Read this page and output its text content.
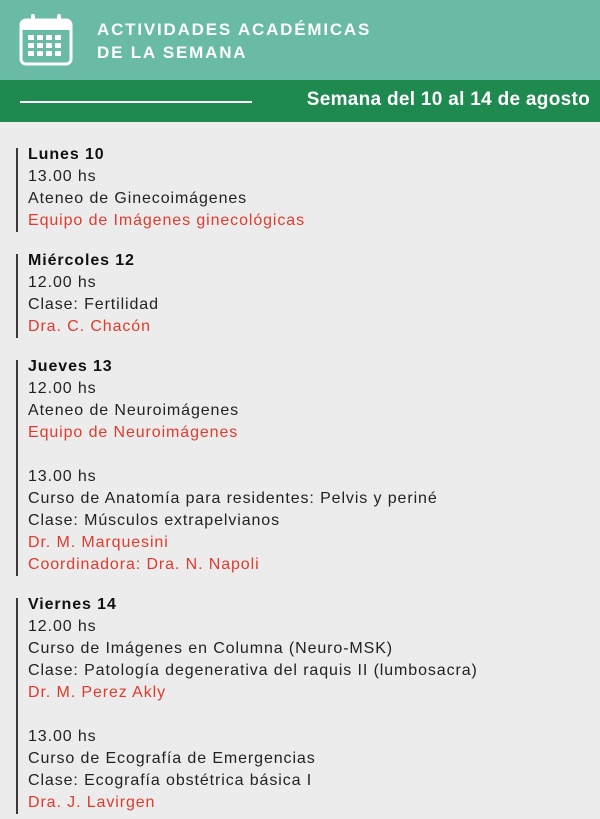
ACTIVIDADES ACADÉMICAS
DE LA SEMANA
Semana del 10 al 14 de agosto
Lunes 10
13.00 hs
Ateneo de Ginecoimágenes
Equipo de Imágenes ginecológicas
Miércoles 12
12.00 hs
Clase: Fertilidad
Dra. C. Chacón
Jueves 13
12.00 hs
Ateneo de Neuroimágenes
Equipo de Neuroimágenes
13.00 hs
Curso de Anatomía para residentes: Pelvis y periné
Clase: Músculos extrapelvianos
Dr. M. Marquesini
Coordinadora: Dra. N. Napoli
Viernes 14
12.00 hs
Curso de Imágenes en Columna (Neuro-MSK)
Clase: Patología degenerativa del raquis II (lumbosacra)
Dr. M. Perez Akly
13.00 hs
Curso de Ecografía de Emergencias
Clase: Ecografía obstétrica básica I
Dra. J. Lavirgen
